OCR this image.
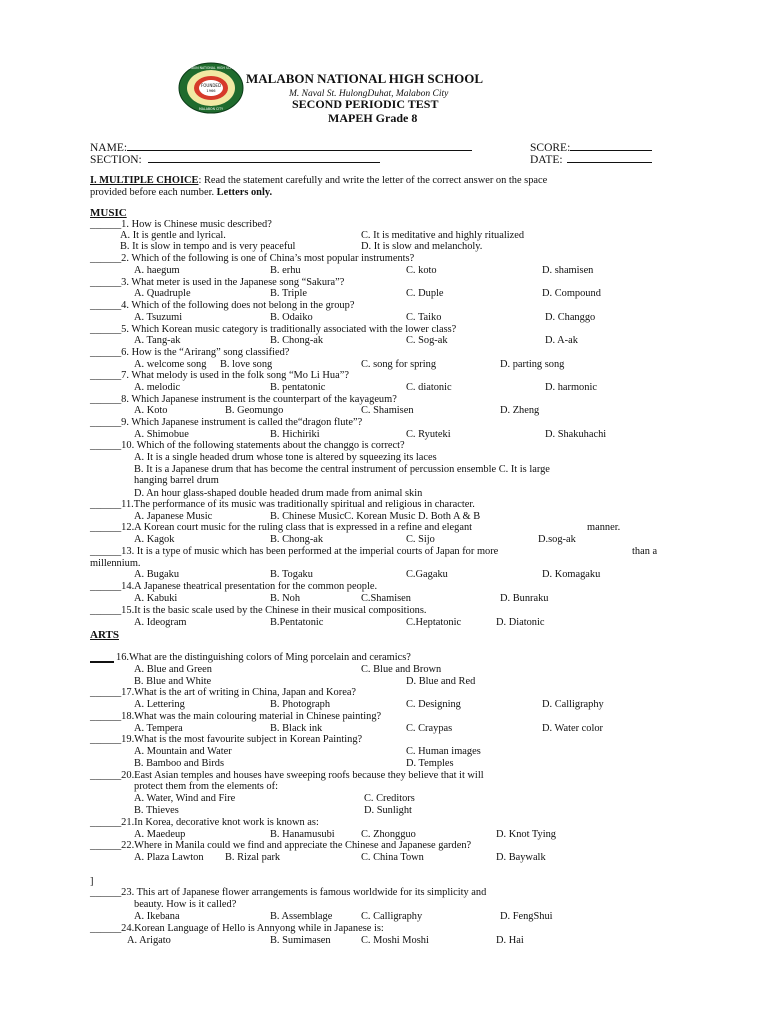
FOUNDED
1966
MALABON NATIONAL HIGH SCHOOL
MALABON CITY
MALABON NATIONAL HIGH SCHOOL
M. Naval St. HulongDuhat, Malabon City
SECOND PERIODIC TEST
MAPEH Grade 8
NAME:	SCORE:
SECTION:	DATE:
I. MULTIPLE CHOICE: Read the statement carefully and write the letter of the correct answer on the space
provided before each number. Letters only.
MUSIC
ARTS
______1. How is Chinese music described?
A. It is gentle and lyrical.	C. It is meditative and highly ritualized
B. It is slow in tempo and is very peaceful	D. It is slow and melancholy.
______2. Which of the following is one of China’s most popular instruments?
A. haegum	B. erhu	C. koto	D. shamisen
______3. What meter is used in the Japanese song “Sakura”?
A. Quadruple	B. Triple	C. Duple	D. Compound
______4. Which of the following does not belong in the group?
A. Tsuzumi	B. Odaiko	C. Taiko	D. Changgo
______5. Which Korean music category is traditionally associated with the lower class?
A. Tang-ak	B. Chong-ak	C. Sog-ak	D. A-ak
______6. How is the “Arirang” song classified?
A. welcome song B. love song	C. song for spring	D. parting song
______7. What melody is used in the folk song “Mo Li Hua”?
A. melodic	B. pentatonic	C. diatonic	D. harmonic
______8. Which Japanese instrument is the counterpart of the kayageum?
A. Koto	B. Geomungo	C. Shamisen	D. Zheng
______9. Which Japanese instrument is called the“dragon flute”?
A. Shimobue	B. Hichiriki	C. Ryuteki	D. Shakuhachi
______10. Which of the following statements about the changgo is correct?
A. It is a single headed drum whose tone is altered by squeezing its laces
B. It is a Japanese drum that has become the central instrument of percussion ensemble C. It is large
hanging barrel drum
D. An hour glass-shaped double headed drum made from animal skin
______11.The performance of its music was traditionally spiritual and religious in character.
A. Japanese Music	B. Chinese MusicC. Korean Music D. Both A & B
______12.A Korean court music for the ruling class that is expressed in a refine and elegant	manner.
A. Kagok	B. Chong-ak	C. Sijo	D.sog-ak
______13. It is a type of music which has been performed at the imperial courts of Japan for more	than a
millennium.
A. Bugaku	B. Togaku	C.Gagaku	D. Komagaku
______14.A Japanese theatrical presentation for the common people.
A. Kabuki	B. Noh	C.Shamisen	D. Bunraku
______15.It is the basic scale used by the Chinese in their musical compositions.
A. Ideogram	B.Pentatonic	C.Heptatonic	D. Diatonic
16.What are the distinguishing colors of Ming porcelain and ceramics?
A. Blue and Green	C. Blue and Brown
B. Blue and White	D. Blue and Red
______17.What is the art of writing in China, Japan and Korea?
A. Lettering	B. Photograph	C. Designing	D. Calligraphy
______18.What was the main colouring material in Chinese painting?
A. Tempera	B. Black ink	C. Craypas	D. Water color
______19.What is the most favourite subject in Korean Painting?
A. Mountain and Water	C. Human images
B. Bamboo and Birds	D. Temples
______20.East Asian temples and houses have sweeping roofs because they believe that it will
protect them from the elements of:
A. Water, Wind and Fire	C. Creditors
B. Thieves	D. Sunlight
______21.In Korea, decorative knot work is known as:
A. Maedeup	B. Hanamusubi	C. Zhongguo	D. Knot Tying
______22.Where in Manila could we find and appreciate the Chinese and Japanese garden?
A. Plaza Lawton B. Rizal park	C. China Town	D. Baywalk
]
______23. This art of Japanese flower arrangements is famous worldwide for its simplicity and
beauty. How is it called?
A. Ikebana	B. Assemblage	C. Calligraphy	D. FengShui
______24.Korean Language of Hello is Annyong while in Japanese is:
A. Arigato	B. Sumimasen	C. Moshi Moshi	D. Hai
